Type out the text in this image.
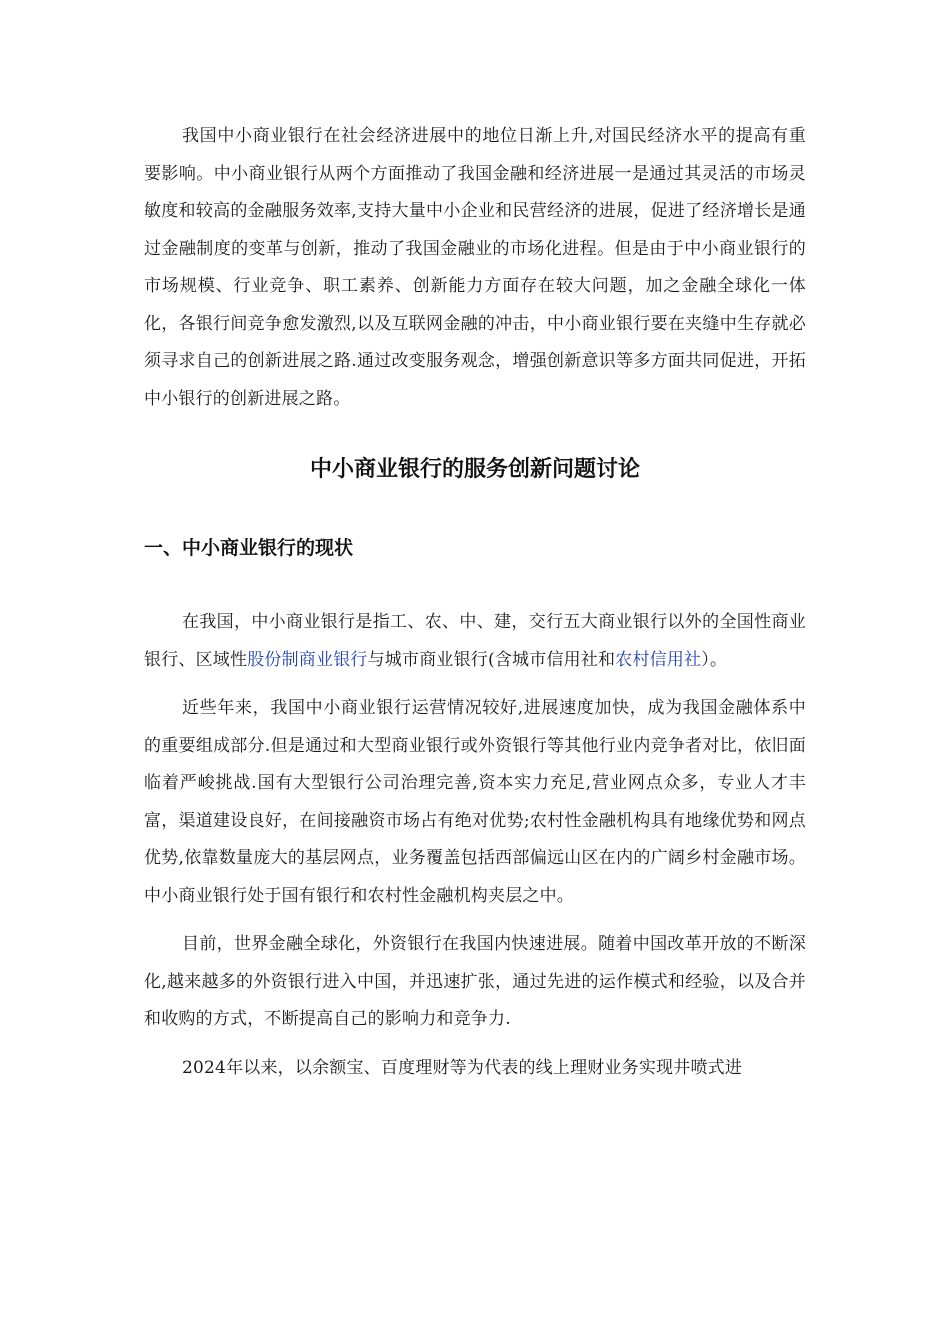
我国中小商业银行在社会经济进展中的地位日渐上升,对国民经济水平的提高有重要影响。中小商业银行从两个方面推动了我国金融和经济进展一是通过其灵活的市场灵敏度和较高的金融服务效率,支持大量中小企业和民营经济的进展，促进了经济增长是通过金融制度的变革与创新，推动了我国金融业的市场化进程。但是由于中小商业银行的市场规模、行业竞争、职工素养、创新能力方面存在较大问题，加之金融全球化一体化，各银行间竞争愈发激烈,以及互联网金融的冲击，中小商业银行要在夹缝中生存就必须寻求自己的创新进展之路.通过改变服务观念，增强创新意识等多方面共同促进，开拓中小银行的创新进展之路。

中小商业银行的服务创新问题讨论
一、中小商业银行的现状

在我国，中小商业银行是指工、农、中、建，交行五大商业银行以外的全国性商业银行、区域性股份制商业银行与城市商业银行(含城市信用社和农村信用社）。

近些年来，我国中小商业银行运营情况较好,进展速度加快，成为我国金融体系中的重要组成部分.但是通过和大型商业银行或外资银行等其他行业内竞争者对比，依旧面临着严峻挑战.国有大型银行公司治理完善,资本实力充足,营业网点众多，专业人才丰富，渠道建设良好，在间接融资市场占有绝对优势;农村性金融机构具有地缘优势和网点优势,依靠数量庞大的基层网点，业务覆盖包括西部偏远山区在内的广阔乡村金融市场。中小商业银行处于国有银行和农村性金融机构夹层之中。

目前，世界金融全球化，外资银行在我国内快速进展。随着中国改革开放的不断深化,越来越多的外资银行进入中国，并迅速扩张，通过先进的运作模式和经验，以及合并和收购的方式，不断提高自己的影响力和竞争力.

2024年以来，以余额宝、百度理财等为代表的线上理财业务实现井喷式进
